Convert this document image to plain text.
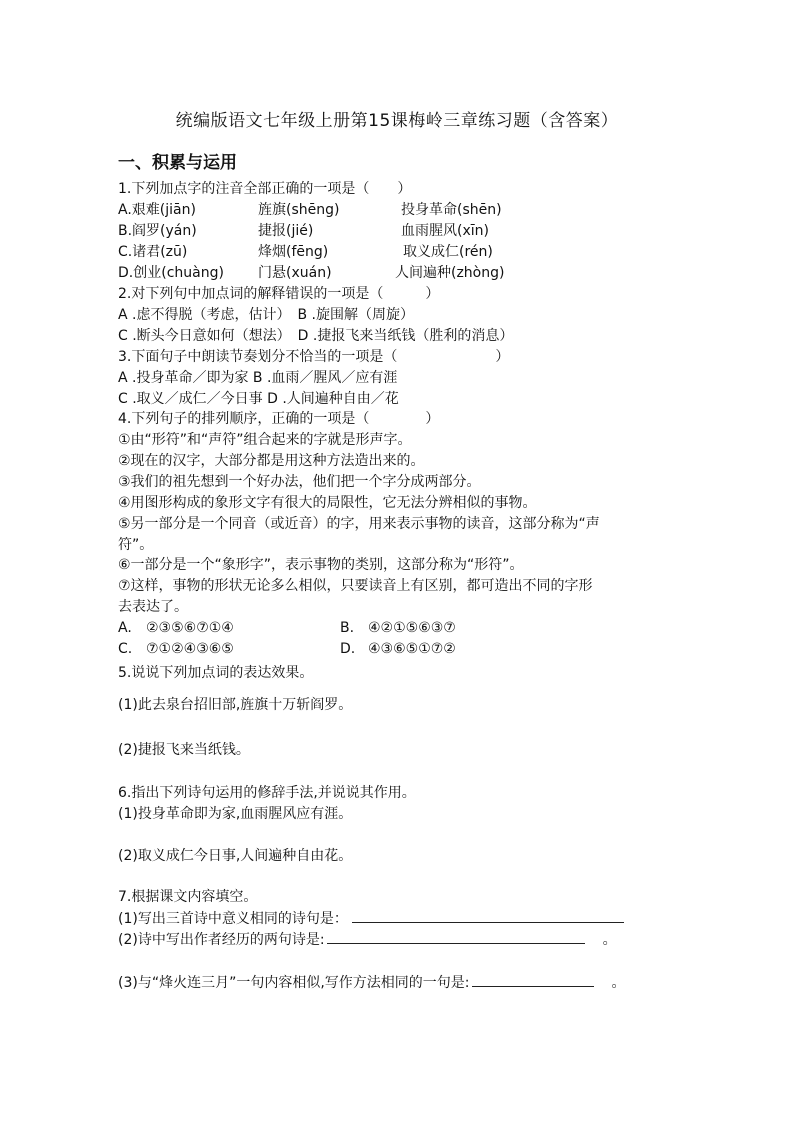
统编版语文七年级上册第15课梅岭三章练习题（含答案）
一、积累与运用
1.下列加点字的注音全部正确的一项是（　　）
A.艰难(jiān)	旌旗(shēng)	投身革命(shēn)
B.阎罗(yán)	捷报(jié)	血雨腥风(xīn)
C.诸君(zū)	烽烟(fēng)	取义成仁(rén)
D.创业(chuàng) 门悬(xuán)	人间遍种(zhòng)
2.对下列句中加点词的解释错误的一项是（　　　）
A .虑不得脱（考虑，估计）　B .旋围解（周旋）
C .断头今日意如何（想法）　D .捷报飞来当纸钱（胜利的消息）
3.下面句子中朗读节奏划分不恰当的一项是（　　　　　　　）
A .投身革命／即为家 B .血雨／腥风／应有涯
C .取义／成仁／今日事 D .人间遍种自由／花
4.下列句子的排列顺序，正确的一项是（　　　　）
①由“形符”和“声符”组合起来的字就是形声字。
②现在的汉字，大部分都是用这种方法造出来的。
③我们的祖先想到一个好办法，他们把一个字分成两部分。
④用图形构成的象形文字有很大的局限性，它无法分辨相似的事物。
⑤另一部分是一个同音（或近音）的字，用来表示事物的读音，这部分称为“声
符”。
⑥一部分是一个“象形字”，表示事物的类别，这部分称为“形符”。
⑦这样，事物的形状无论多么相似，只要读音上有区别，都可造出不同的字形
去表达了。
A. ②③⑤⑥⑦①④	B. ④②①⑤⑥③⑦
C. ⑦①②④③⑥⑤	D. ④③⑥⑤①⑦②
5.说说下列加点词的表达效果。
(1)此去泉台招旧部,旌旗十万斩阎罗。
(2)捷报飞来当纸钱。
6.指出下列诗句运用的修辞手法,并说说其作用。
(1)投身革命即为家,血雨腥风应有涯。
(2)取义成仁今日事,人间遍种自由花。
7.根据课文内容填空。
(1)写出三首诗中意义相同的诗句是：
(2)诗中写出作者经历的两句诗是:	。
(3)与“烽火连三月”一句内容相似,写作方法相同的一句是:	。
